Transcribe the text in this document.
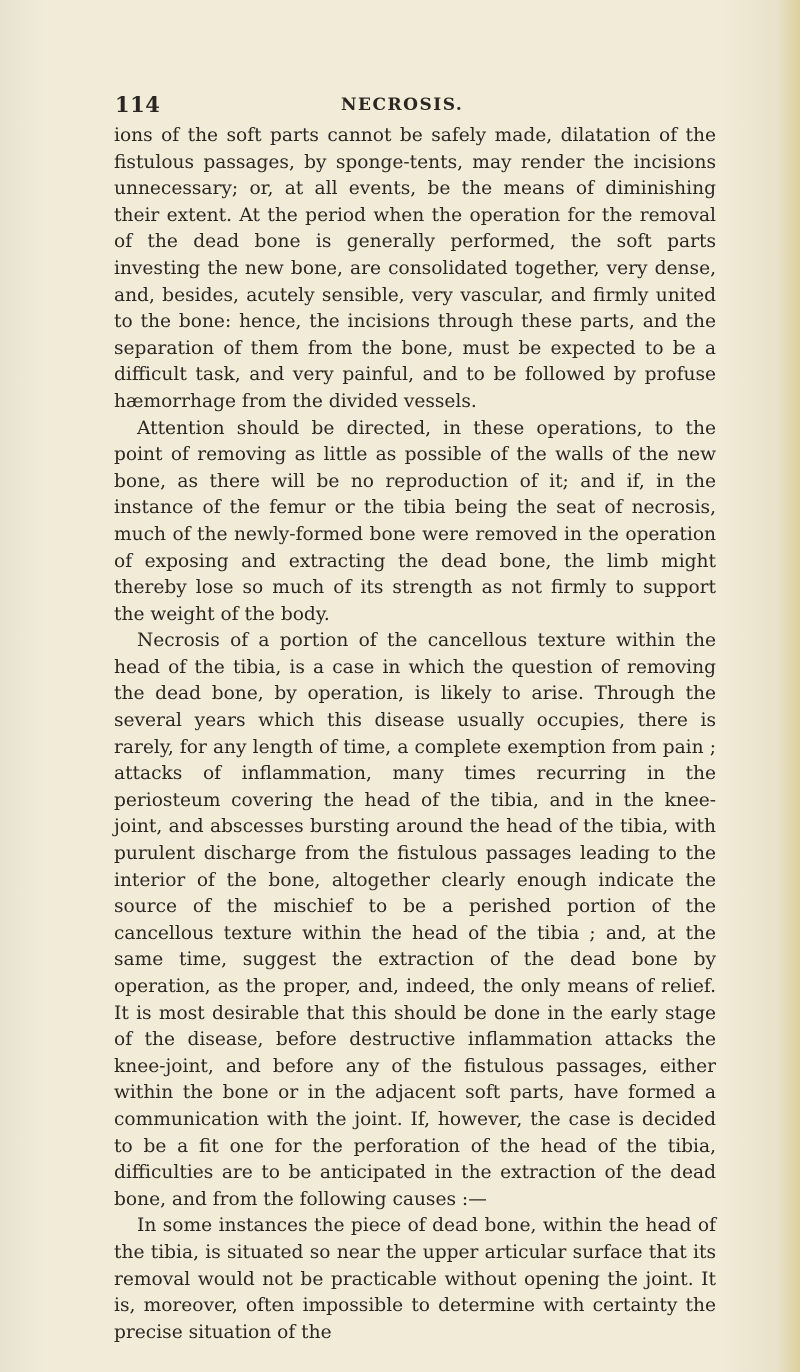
114	NECROSIS.

ions of the soft parts cannot be safely made, dilatation of the fistulous passages, by sponge-tents, may render the incisions unnecessary; or, at all events, be the means of diminishing their extent. At the period when the operation for the removal of the dead bone is generally performed, the soft parts investing the new bone, are consolidated together, very dense, and, besides, acutely sensible, very vascular, and firmly united to the bone: hence, the incisions through these parts, and the separation of them from the bone, must be expected to be a difficult task, and very painful, and to be followed by profuse hæmorrhage from the divided vessels.

Attention should be directed, in these operations, to the point of removing as little as possible of the walls of the new bone, as there will be no reproduction of it; and if, in the instance of the femur or the tibia being the seat of necrosis, much of the newly-formed bone were removed in the operation of exposing and extracting the dead bone, the limb might thereby lose so much of its strength as not firmly to support the weight of the body.

Necrosis of a portion of the cancellous texture within the head of the tibia, is a case in which the question of removing the dead bone, by operation, is likely to arise. Through the several years which this disease usually occupies, there is rarely, for any length of time, a complete exemption from pain ; attacks of inflammation, many times recurring in the periosteum covering the head of the tibia, and in the knee-joint, and abscesses bursting around the head of the tibia, with purulent discharge from the fistulous passages leading to the interior of the bone, altogether clearly enough indicate the source of the mischief to be a perished portion of the cancellous texture within the head of the tibia ; and, at the same time, suggest the extraction of the dead bone by operation, as the proper, and, indeed, the only means of relief. It is most desirable that this should be done in the early stage of the disease, before destructive inflammation attacks the knee-joint, and before any of the fistulous passages, either within the bone or in the adjacent soft parts, have formed a communication with the joint. If, however, the case is decided to be a fit one for the perforation of the head of the tibia, difficulties are to be anticipated in the extraction of the dead bone, and from the following causes :—

In some instances the piece of dead bone, within the head of the tibia, is situated so near the upper articular surface that its removal would not be practicable without opening the joint. It is, moreover, often impossible to determine with certainty the precise situation of the
